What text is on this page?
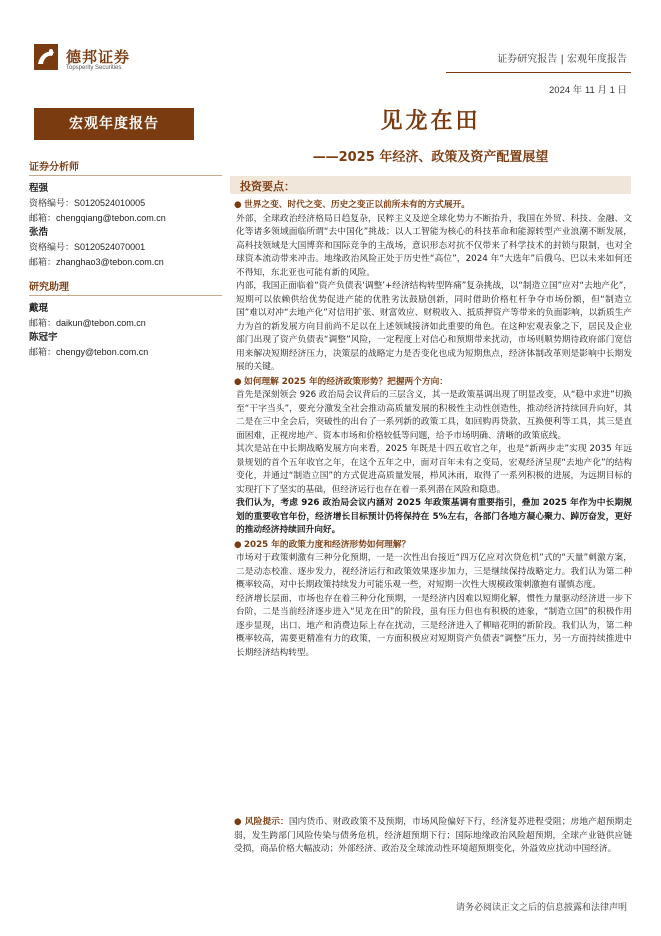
德邦证券
Topsperity Securities
证券研究报告 | 宏观年度报告
2024 年 11 月 1 日
宏观年度报告	见龙在田
——2025 年经济、政策及资产配置展望
证券分析师
程强
资格编号：S0120524010005
邮箱：chengqiang@tebon.com.cn
张浩
资格编号：S0120524070001
邮箱：zhanghao3@tebon.com.cn
研究助理
戴琨
邮箱：daikun@tebon.com.cn
陈冠宇
邮箱：chengy@tebon.com.cn
投资要点：
● 世界之变、时代之变、历史之变正以前所未有的方式展开。
外部，全球政治经济格局日趋复杂，民粹主义及逆全球化势力不断抬升，我国在外贸、科技、金融、文化等诸多领域面临所谓“去中国化”挑战；以人工智能为核心的科技革命和能源转型产业浪潮不断发展，高科技领域是大国博弈和国际竞争的主战场，意识形态对抗不仅带来了科学技术的封锁与限制，也对全球资本流动带来冲击。地缘政治风险正处于历史性“高位”，2024 年“大选年”后俄乌、巴以未来如何还不得知，东北亚也可能有新的风险。
内部，我国正面临着“资产负债表‘调整’+经济结构转型阵痛”复杂挑战，以“制造立国”应对“去地产化”，短期可以依赖供给优势促进产能的优胜劣汰鼓励创新，同时借助价格杠杆争夺市场份额，但“制造立国”难以对冲“去地产化”对信用扩张、财富效应、财税收入、抵质押资产等带来的负面影响，以新质生产力为首的新发展方向目前尚不足以在上述领域接济如此重要的角色。在这种宏观表象之下，居民及企业部门出现了资产负债表“调整”风险，一定程度上对信心和预期带来扰动，市场则顺势期待政府部门宽信用来解决短期经济压力，决策层的战略定力是否变化也成为短期焦点，经济体制改革则是影响中长期发展的关键。
● 如何理解 2025 年的经济政策形势？把握两个方向：
首先是深刻领会 926 政治局会议背后的三层含义，其一是政策基调出现了明显改变，从“稳中求进”切换至“干字当头”，要充分激发全社会推动高质量发展的积极性主动性创造性，推动经济持续回升向好，其二是在三中全会后，突破性的出台了一系列新的政策工具，如回购再贷款、互换便利等工具，其三是直面困难，正视房地产、资本市场和价格较低等问题，给予市场明确、清晰的政策底线。
其次是站在中长期战略发展方向来看，2025 年既是十四五收官之年，也是“新两步走”实现 2035 年远景规划的首个五年收官之年，在这个五年之中，面对百年未有之变局，宏观经济呈现“去地产化”的结构变化，并通过“制造立国”的方式促进高质量发展，栉风沐雨，取得了一系列积极的进展，为远期目标的实现打下了坚实的基础，但经济运行也存在着一系列潜在风险和隐患。
我们认为，考虑 926 政治局会议内涵对 2025 年政策基调有重要指引，叠加 2025 年作为中长期规划的重要收官年份，经济增长目标预计仍将保持在 5%左右，各部门各地方凝心聚力、踔厉奋发，更好的推动经济持续回升向好。
● 2025 年的政策力度和经济形势如何理解？
市场对于政策刺激有三种分化预期，一是一次性出台接近“四万亿应对次贷危机”式的“天量”刺激方案，二是动态校准、逐步发力，视经济运行和政策效果逐步加力，三是继续保持战略定力。我们认为第二种概率较高，对中长期政策持续发力可能乐观一些，对短期一次性大规模政策刺激抱有谨慎态度。
经济增长层面，市场也存在着三种分化预期，一是经济内因难以短期化解，惯性力量驱动经济进一步下台阶，二是当前经济逐步进入“见龙在田”的阶段，虽有压力但也有积极的迹象，“制造立国”的积极作用逐步显现，出口、地产和消费边际上存在扰动，三是经济进入了柳暗花明的新阶段。我们认为，第二种概率较高，需要更精准有力的政策，一方面积极应对短期资产负债表“调整”压力，另一方面持续推进中长期经济结构转型。
● 风险提示：国内货币、财政政策不及预期，市场风险偏好下行，经济复苏进程受阻；房地产超预期走弱，发生跨部门风险传染与债务危机，经济超预期下行；国际地缘政治风险超预期，全球产业链供应链受损，商品价格大幅波动；外部经济、政治及全球流动性环境超预期变化，外溢效应扰动中国经济。
请务必阅读正文之后的信息披露和法律声明
